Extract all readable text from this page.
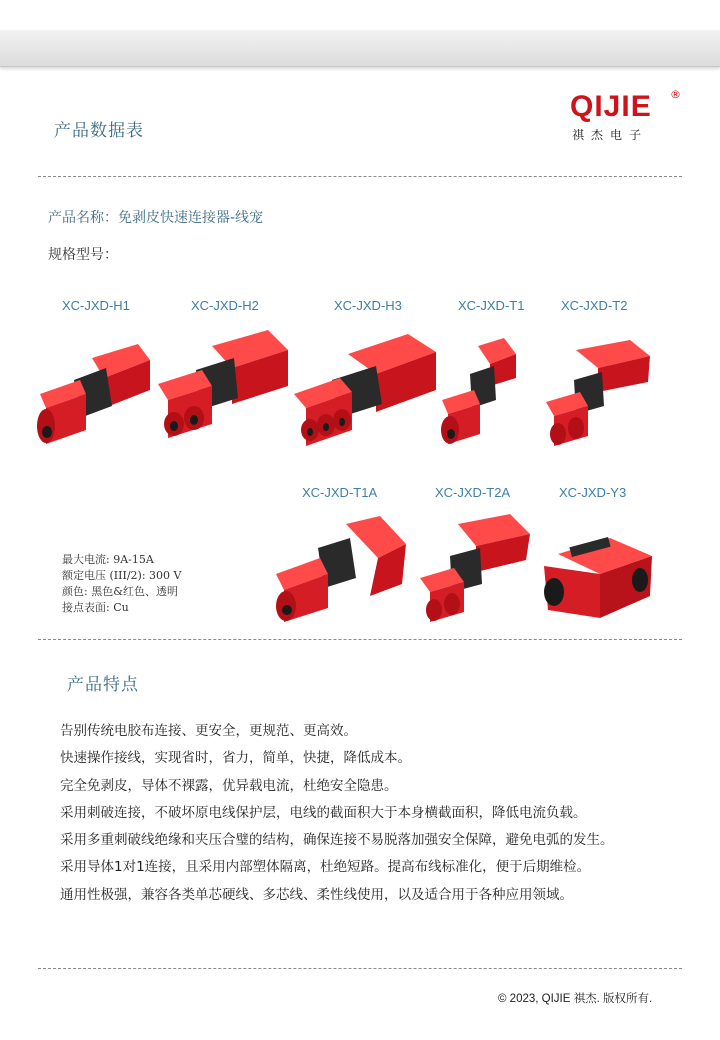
产品数据表
QIJIE ®
祺杰电子
产品名称：免剥皮快速连接器-线宠
规格型号：
XC-JXD-H1	XC-JXD-H2	XC-JXD-H3	XC-JXD-T1	XC-JXD-T2
XC-JXD-T1A	XC-JXD-T2A	XC-JXD-Y3
最大电流: 9A-15A
额定电压 (III/2): 300 V
颜色: 黑色&红色、透明
接点表面: Cu
产品特点
告别传统电胶布连接、更安全，更规范、更高效。
快速操作接线，实现省时，省力，简单，快捷，降低成本。
完全免剥皮，导体不裸露，优异载电流，杜绝安全隐患。
采用刺破连接，不破坏原电线保护层，电线的截面积大于本身横截面积，降低电流负载。
采用多重刺破线绝缘和夹压合璧的结构，确保连接不易脱落加强安全保障，避免电弧的发生。
采用导体1对1连接，且采用内部塑体隔离，杜绝短路。提高布线标准化，便于后期维检。
通用性极强，兼容各类单芯硬线、多芯线、柔性线使用，以及适合用于各种应用领域。
© 2023, QIJIE 祺杰. 版权所有.
